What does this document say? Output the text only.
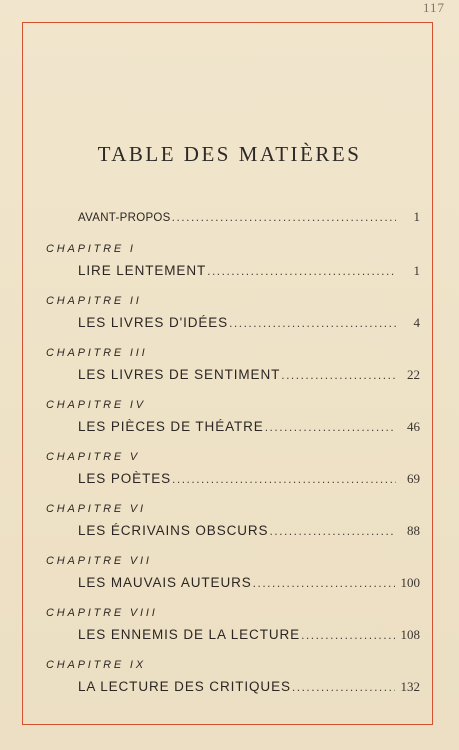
117
TABLE DES MATIÈRES
AVANT-PROPOS .....	1
CHAPITRE I
LIRE LENTEMENT .....	1
CHAPITRE II
LES LIVRES D'IDÉES .....	4
CHAPITRE III
LES LIVRES DE SENTIMENT .....	22
CHAPITRE IV
LES PIÈCES DE THÉATRE .....	46
CHAPITRE V
LES POÈTES .....	69
CHAPITRE VI
LES ÉCRIVAINS OBSCURS .....	88
CHAPITRE VII
LES MAUVAIS AUTEURS .....	100
CHAPITRE VIII
LES ENNEMIS DE LA LECTURE .....	108
CHAPITRE IX
LA LECTURE DES CRITIQUES .....	132
